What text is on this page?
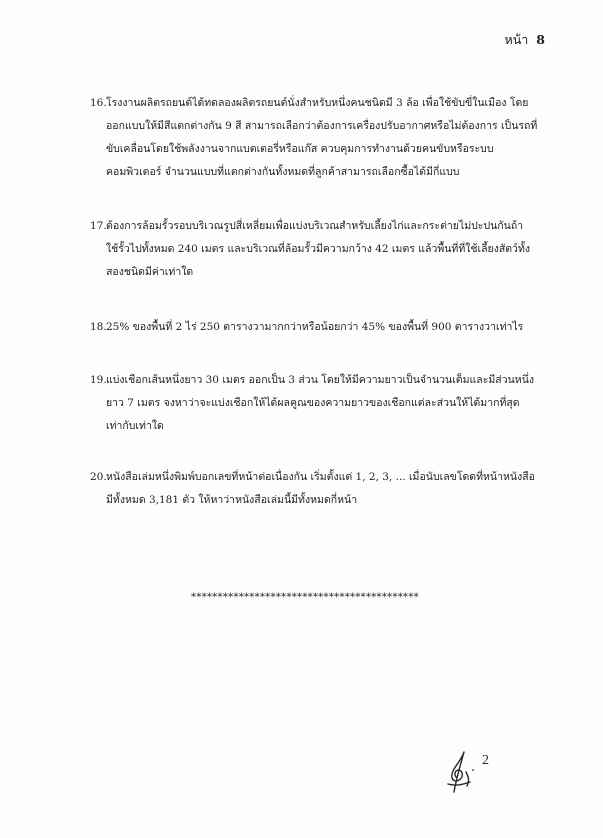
หน้า 8
16. โรงงานผลิตรถยนต์ได้ทดลองผลิตรถยนต์นั่งสำหรับหนึ่งคนชนิดมี 3 ล้อ เพื่อใช้ขับขี่ในเมือง โดย
ออกแบบให้มีสีแตกต่างกัน 9 สี สามารถเลือกว่าต้องการเครื่องปรับอากาศหรือไม่ต้องการ เป็นรถที่
ขับเคลื่อนโดยใช้พลังงานจากแบตเตอรี่หรือแก๊ส ควบคุมการทำงานด้วยคนขับหรือระบบ
คอมพิวเตอร์ จำนวนแบบที่แตกต่างกันทั้งหมดที่ลูกค้าสามารถเลือกซื้อได้มีกี่แบบ
17. ต้องการล้อมรั้วรอบบริเวณรูปสี่เหลี่ยมเพื่อแบ่งบริเวณสำหรับเลี้ยงไก่และกระต่ายไม่ปะปนกันถ้า
ใช้รั้วไปทั้งหมด 240 เมตร และบริเวณที่ล้อมรั้วมีความกว้าง 42 เมตร แล้วพื้นที่ที่ใช้เลี้ยงสัตว์ทั้ง
สองชนิดมีค่าเท่าใด
18. 25% ของพื้นที่ 2 ไร่ 250 ตารางวามากกว่าหรือน้อยกว่า 45% ของพื้นที่ 900 ตารางวาเท่าไร
19. แบ่งเชือกเส้นหนึ่งยาว 30 เมตร ออกเป็น 3 ส่วน โดยให้มีความยาวเป็นจำนวนเต็มและมีส่วนหนึ่ง
ยาว 7 เมตร จงหาว่าจะแบ่งเชือกให้ได้ผลคูณของความยาวของเชือกแต่ละส่วนให้ได้มากที่สุด
เท่ากับเท่าใด
20. หนังสือเล่มหนึ่งพิมพ์บอกเลขที่หน้าต่อเนื่องกัน เริ่มตั้งแต่ 1, 2, 3, ... เมื่อนับเลขโดดที่หน้าหนังสือ
มีทั้งหมด 3,181 ตัว ให้หาว่าหนังสือเล่มนี้มีทั้งหมดกี่หน้า
*******************************************
2
